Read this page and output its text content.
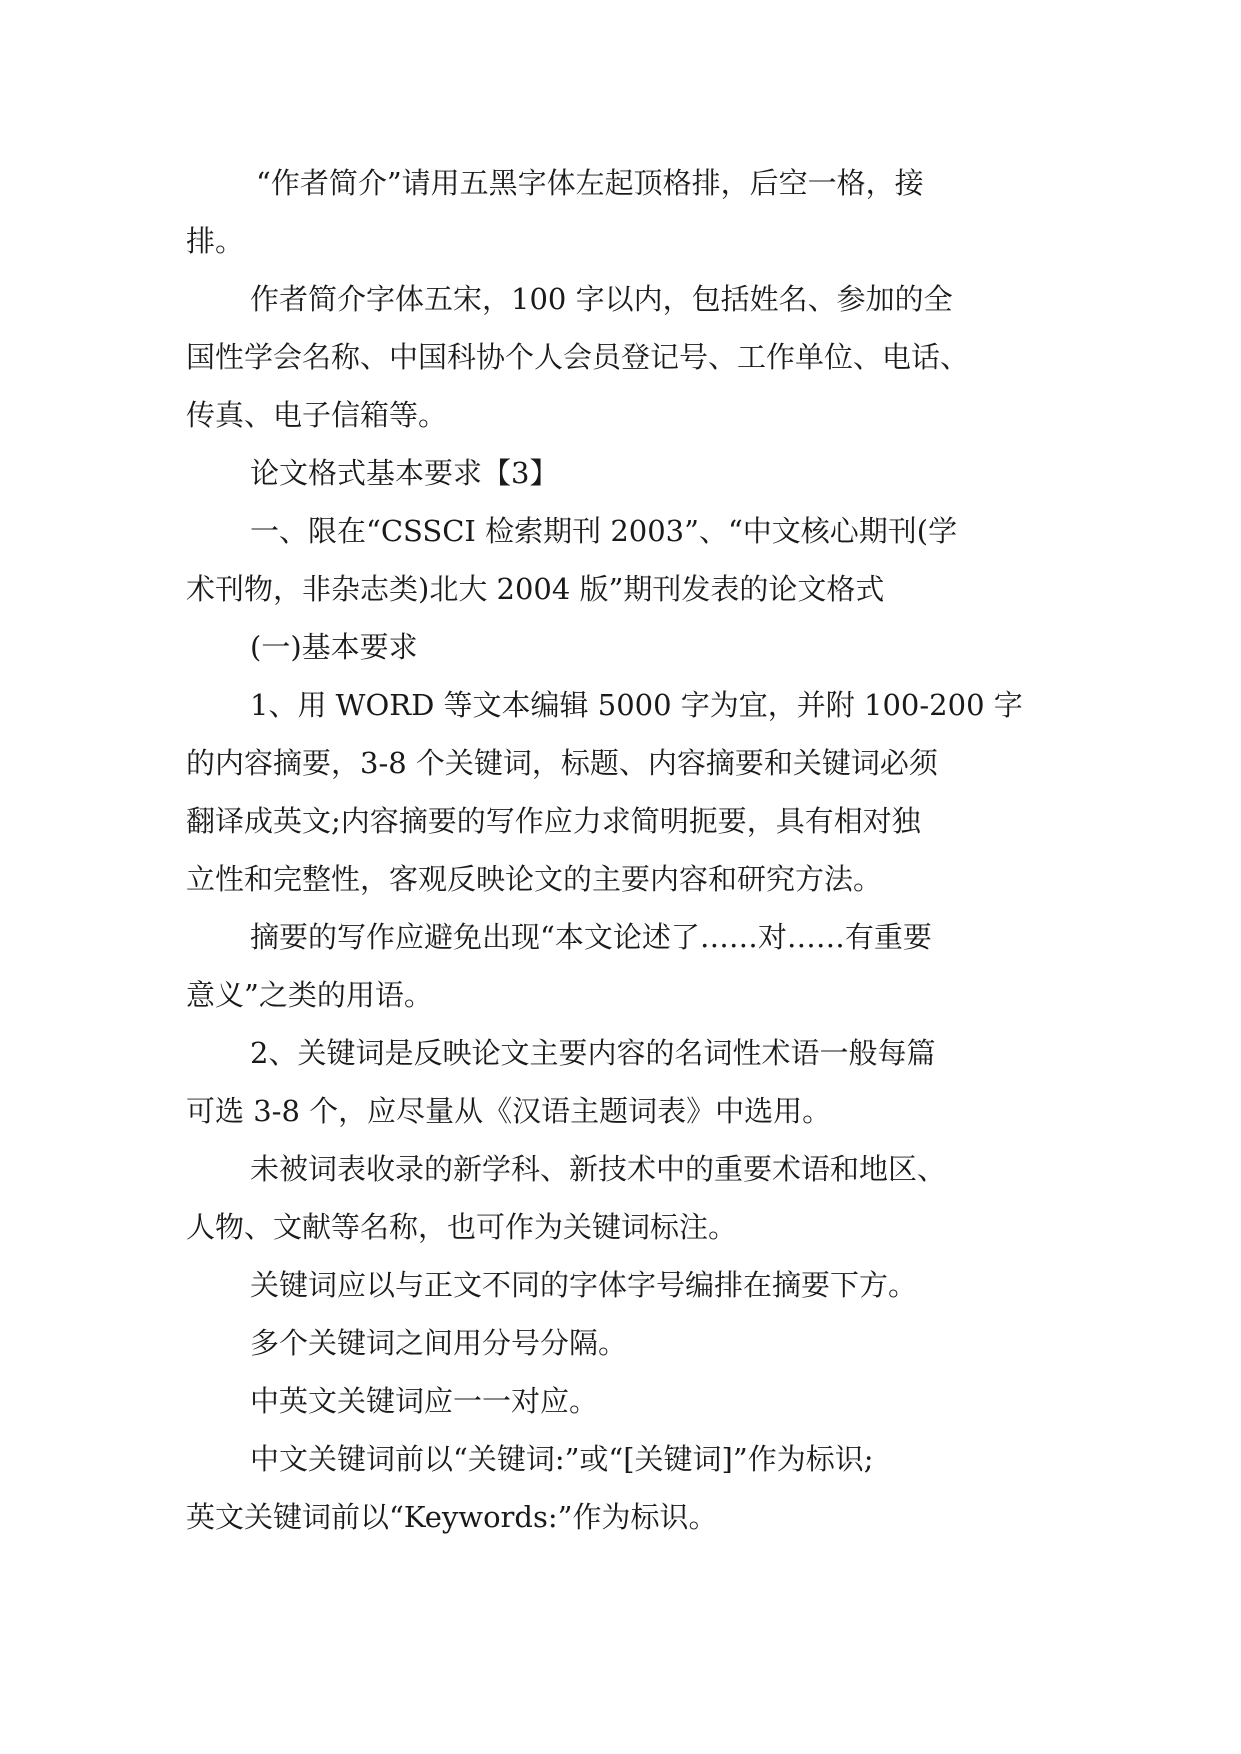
“作者简介”请用五黑字体左起顶格排，后空一格，接
排。

作者简介字体五宋，100 字以内，包括姓名、参加的全
国性学会名称、中国科协个人会员登记号、工作单位、电话、
传真、电子信箱等。

论文格式基本要求【3】

一、限在“CSSCI 检索期刊 2003”、“中文核心期刊(学
术刊物，非杂志类)北大 2004 版”期刊发表的论文格式

(一)基本要求

1、用 WORD 等文本编辑 5000 字为宜，并附 100-200 字
的内容摘要，3-8 个关键词，标题、内容摘要和关键词必须
翻译成英文;内容摘要的写作应力求简明扼要，具有相对独
立性和完整性，客观反映论文的主要内容和研究方法。

摘要的写作应避免出现“本文论述了……对……有重要
意义”之类的用语。

2、关键词是反映论文主要内容的名词性术语一般每篇
可选 3-8 个，应尽量从《汉语主题词表》中选用。

未被词表收录的新学科、新技术中的重要术语和地区、
人物、文献等名称，也可作为关键词标注。

关键词应以与正文不同的字体字号编排在摘要下方。

多个关键词之间用分号分隔。

中英文关键词应一一对应。

中文关键词前以“关键词:”或“[关键词]”作为标识;
英文关键词前以“Keywords:”作为标识。
